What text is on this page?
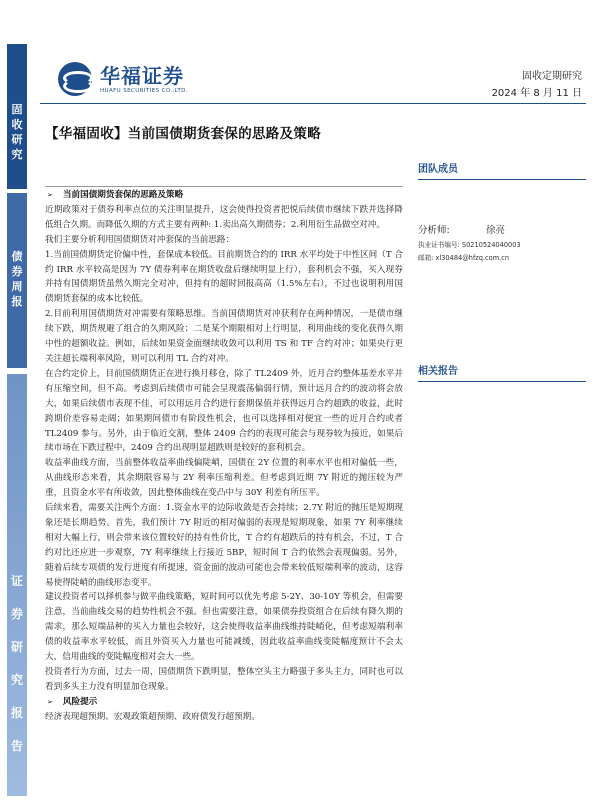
固
收
研
究
债
券
周
报
证
券
研
究
报
告
华福证券
HUAFU SECURITIES CO.,LTD.
固收定期研究
2024 年 8 月 11 日
【华福固收】当前国债期货套保的思路及策略
➢ 当前国债期货套保的思路及策略

近期政策对于债券利率点位的关注明显提升，这会使得投资者把悦后续债市继续下跌并选择降低组合久期。而降低久期的方式主要有两种: 1.卖出高久期债券；2.利用衍生品做空对冲。

我们主要分析利用国债期货对冲套保的当前思路：

1.当前国债期货定价偏中性，套保成本较低。目前期货合约的 IRR 水平均处于中性区间（T 合约 IRR 水平较高是因为 7Y 债券利率在期货收盘后继续明显上行），套利机会不强，买入现券并持有国债期货虽然久期完全对冲，但持有的超时回报高高（1.5%左右），不过也说明利用国债期货套保的成本比较低。

2.目前利用国债期货对冲需要有策略思维。当前国债期货对冲获利存在两种情况，一是债市继续下跌，期货规避了组合的久期风险；二是某个期限相对上行明显，利用曲线的变化获得久期中性的超额收益。例如，后续如果资金面继续收敛可以利用 TS 和 TF 合约对冲；如果央行更关注超长端利率风险，则可以利用 TL 合约对冲。

在合约定价上，目前国债期货正在进行换月移仓，除了 TL2409 外，近月合约整体基差水平并有压缩空间，但不高。考虑到后续债市可能会呈现震荡偏弱行情，预计远月合约的波动将会放大，如果后续债市表现不佳，可以用远月合约进行套期保值并获得远月合约超跌的收益，此时跨期价差容易走阔；如果期间债市有阶段性机会，也可以选择相对便宜一些的近月合约或者 TL2409 参与。另外，由于临近交割，整体 2409 合约的表现可能会与现券较为接近，如果后续市场在下跌过程中，2409 合约出现明显超跌则是较好的套利机会。

收益率曲线方面，当前整体收益率曲线偏陡峭，国债在 2Y 位置的利率水平也相对偏低一些，从曲线形态来看，其余期限容易与 2Y 利率压缩利差。但考虑到近期 7Y 附近的抛压较为严重，且资金水平有所收敛，因此整体曲线在变凸中与 30Y 利差有所压平。

后续来看，需要关注两个方面：1.资金水平的边际收敛是否会持续；2.7Y 附近的抛压是短期现象还是长期趋势。首先，我们预计 7Y 附近的相对偏弱的表现是短期现象，如果 7Y 利率继续相对大幅上行，则会带来该位置较好的持有性价比，T 合约有超跌后的持有机会，不过，T 合约对比还应进一步观察，7Y 利率继续上行接近 5BP，短时间 T 合约依然会表现偏弱。另外，随着后续专项债的发行进度有所提速，资金面的波动可能也会带来较低短端利率的波动，这容易使得陡峭的曲线形态变平。

建议投资者可以择机参与做平曲线策略，短时间可以优先考虑 5-2Y、30-10Y 等机会，但需要注意，当前曲线交易的趋势性机会不强。但也需要注意，如果债券投资组合在后续有降久期的需求，那么短端品种的买入力量也会较好，这会使得收益率曲线维持陡峭化，但考虑短端利率债的收益率水平较低，而且外资买入力量也可能减缓，因此收益率曲线变陡幅度预计不会太大，信用曲线的变陡幅度相对会大一些。

投资者行为方面，过去一周，国债期货下跌明显，整体空头主力略强于多头主力，同时也可以看到多头主力没有明显加仓现象。

➢ 风险提示

经济表现超预期、宏观政策超预期、政府债发行超预期。

团队成员
分析师:	徐亮
执业证书编号: S0210524040003
邮箱: xl30484@hfzq.com.cn
相关报告
